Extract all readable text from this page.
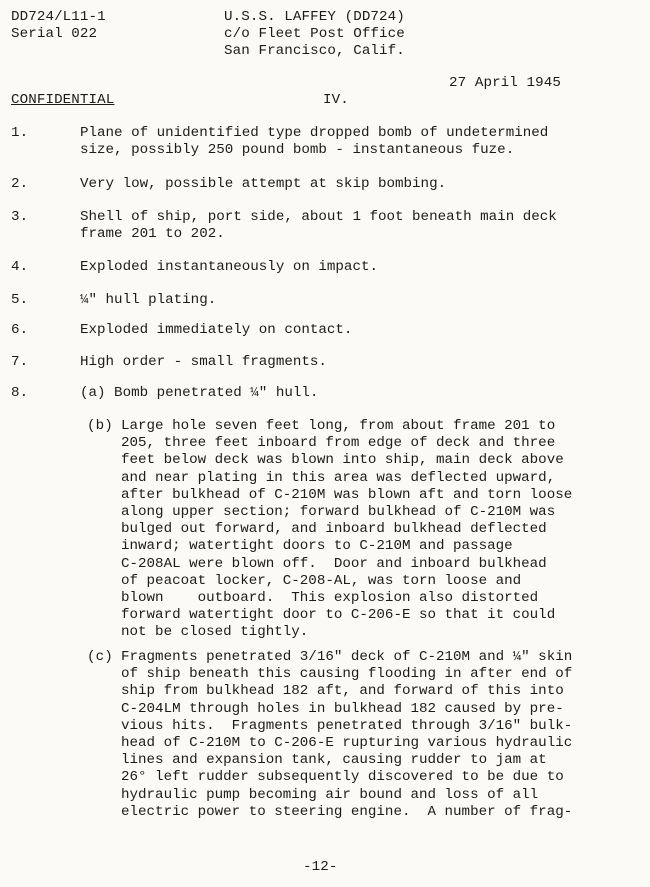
DD724/L11-1
Serial 022
U.S.S. LAFFEY (DD724)
c/o Fleet Post Office
San Francisco, Calif.
27 April 1945
CONFIDENTIAL	IV.
1.	Plane of unidentified type dropped bomb of undetermined
size, possibly 250 pound bomb - instantaneous fuze.
2.	Very low, possible attempt at skip bombing.
3.	Shell of ship, port side, about 1 foot beneath main deck
frame 201 to 202.
4.	Exploded instantaneously on impact.
5.	¼" hull plating.
6.	Exploded immediately on contact.
7.	High order - small fragments.
8.	(a) Bomb penetrated ¼" hull.
(b) Large hole seven feet long, from about frame 201 to
205, three feet inboard from edge of deck and three
feet below deck was blown into ship, main deck above
and near plating in this area was deflected upward,
after bulkhead of C-210M was blown aft and torn loose
along upper section; forward bulkhead of C-210M was
bulged out forward, and inboard bulkhead deflected
inward; watertight doors to C-210M and passage
C-208AL were blown off.  Door and inboard bulkhead
of peacoat locker, C-208-AL, was torn loose and
blown    outboard.  This explosion also distorted
forward watertight door to C-206-E so that it could
not be closed tightly.
(c) Fragments penetrated 3/16" deck of C-210M and ¼" skin
of ship beneath this causing flooding in after end of
ship from bulkhead 182 aft, and forward of this into
C-204LM through holes in bulkhead 182 caused by pre-
vious hits.  Fragments penetrated through 3/16" bulk-
head of C-210M to C-206-E rupturing various hydraulic
lines and expansion tank, causing rudder to jam at
26° left rudder subsequently discovered to be due to
hydraulic pump becoming air bound and loss of all
electric power to steering engine.  A number of frag-
-12-
